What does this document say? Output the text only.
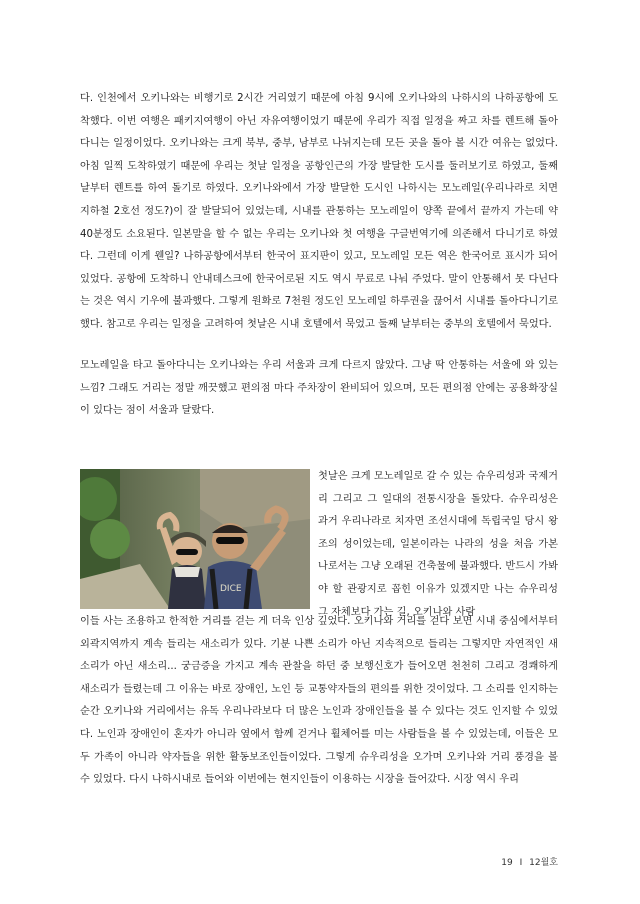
다. 인천에서 오키나와는 비행기로 2시간 거리였기 때문에 아침 9시에 오키나와의 나하시의 나하공항에 도착했다. 이번 여행은 패키지여행이 아닌 자유여행이었기 때문에 우리가 직접 일정을 짜고 차를 렌트해 돌아다니는 일정이었다. 오키나와는 크게 북부, 중부, 남부로 나뉘지는데 모든 곳을 돌아 볼 시간 여유는 없었다. 아침 일찍 도착하였기 때문에 우리는 첫날 일정을 공항인근의 가장 발달한 도시를 둘러보기로 하였고, 둘째 날부터 렌트를 하여 돌기로 하였다. 오키나와에서 가장 발달한 도시인 나하시는 모노레일(우리나라로 치면 지하철 2호선 정도?)이 잘 발달되어 있었는데, 시내를 관통하는 모노레일이 양쪽 끝에서 끝까지 가는데 약 40분정도 소요된다. 일본말을 할 수 없는 우리는 오키나와 첫 여행을 구글번역기에 의존해서 다니기로 하였다. 그런데 이게 웬일? 나하공항에서부터 한국어 표지판이 있고, 모노레일 모든 역은 한국어로 표시가 되어 있었다. 공항에 도착하니 안내데스크에 한국어로된 지도 역시 무료로 나눠 주었다. 말이 안통해서 못 다닌다는 것은 역시 기우에 불과했다. 그렇게 원화로 7천원 정도인 모노레일 하루권을 끊어서 시내를 돌아다니기로 했다. 참고로 우리는 일정을 고려하여 첫날은 시내 호텔에서 묵었고 둘째 날부터는 중부의 호텔에서 묵었다.

모노레일을 타고 돌아다니는 오키나와는 우리 서울과 크게 다르지 않았다. 그냥 딱 안통하는 서울에 와 있는 느낌? 그래도 거리는 정말 깨끗했고 편의점 마다 주차장이 완비되어 있으며, 모든 편의점 안에는 공용화장실이 있다는 점이 서울과 달랐다.

DICE

첫날은 크게 모노레일로 갈 수 있는 슈우리성과 국제거리 그리고 그 일대의 전통시장을 돌았다. 슈우리성은 과거 우리나라로 치자면 조선시대에 독립국일 당시 왕조의 성이었는데, 일본이라는 나라의 성을 처음 가본 나로서는 그냥 오래된 건축물에 불과했다. 반드시 가봐야 할 관광지로 꼽힌 이유가 있겠지만 나는 슈우리성 그 자체보다 가는 길, 오키나와 사람

이들 사는 조용하고 한적한 거리를 걷는 게 더욱 인상 깊었다. 오키나와 거리를 걷다 보면 시내 중심에서부터 외곽지역까지 계속 들리는 새소리가 있다. 기분 나쁜 소리가 아닌 지속적으로 들리는 그렇지만 자연적인 새소리가 아닌 새소리... 궁금증을 가지고 계속 관찰을 하던 중 보행신호가 들어오면 천천히 그리고 경쾌하게 새소리가 들렸는데 그 이유는 바로 장애인, 노인 등 교통약자들의 편의를 위한 것이었다. 그 소리를 인지하는 순간 오키나와 거리에서는 유독 우리나라보다 더 많은 노인과 장애인들을 볼 수 있다는 것도 인지할 수 있었다. 노인과 장애인이 혼자가 아니라 옆에서 함께 걷거나 휠체어를 미는 사람들을 볼 수 있었는데, 이들은 모두 가족이 아니라 약자들을 위한 활동보조인들이었다. 그렇게 슈우리성을 오가며 오키나와 거리 풍경을 볼 수 있었다. 다시 나하시내로 들어와 이번에는 현지인들이 이용하는 시장을 들어갔다. 시장 역시 우리

19 I 12월호
